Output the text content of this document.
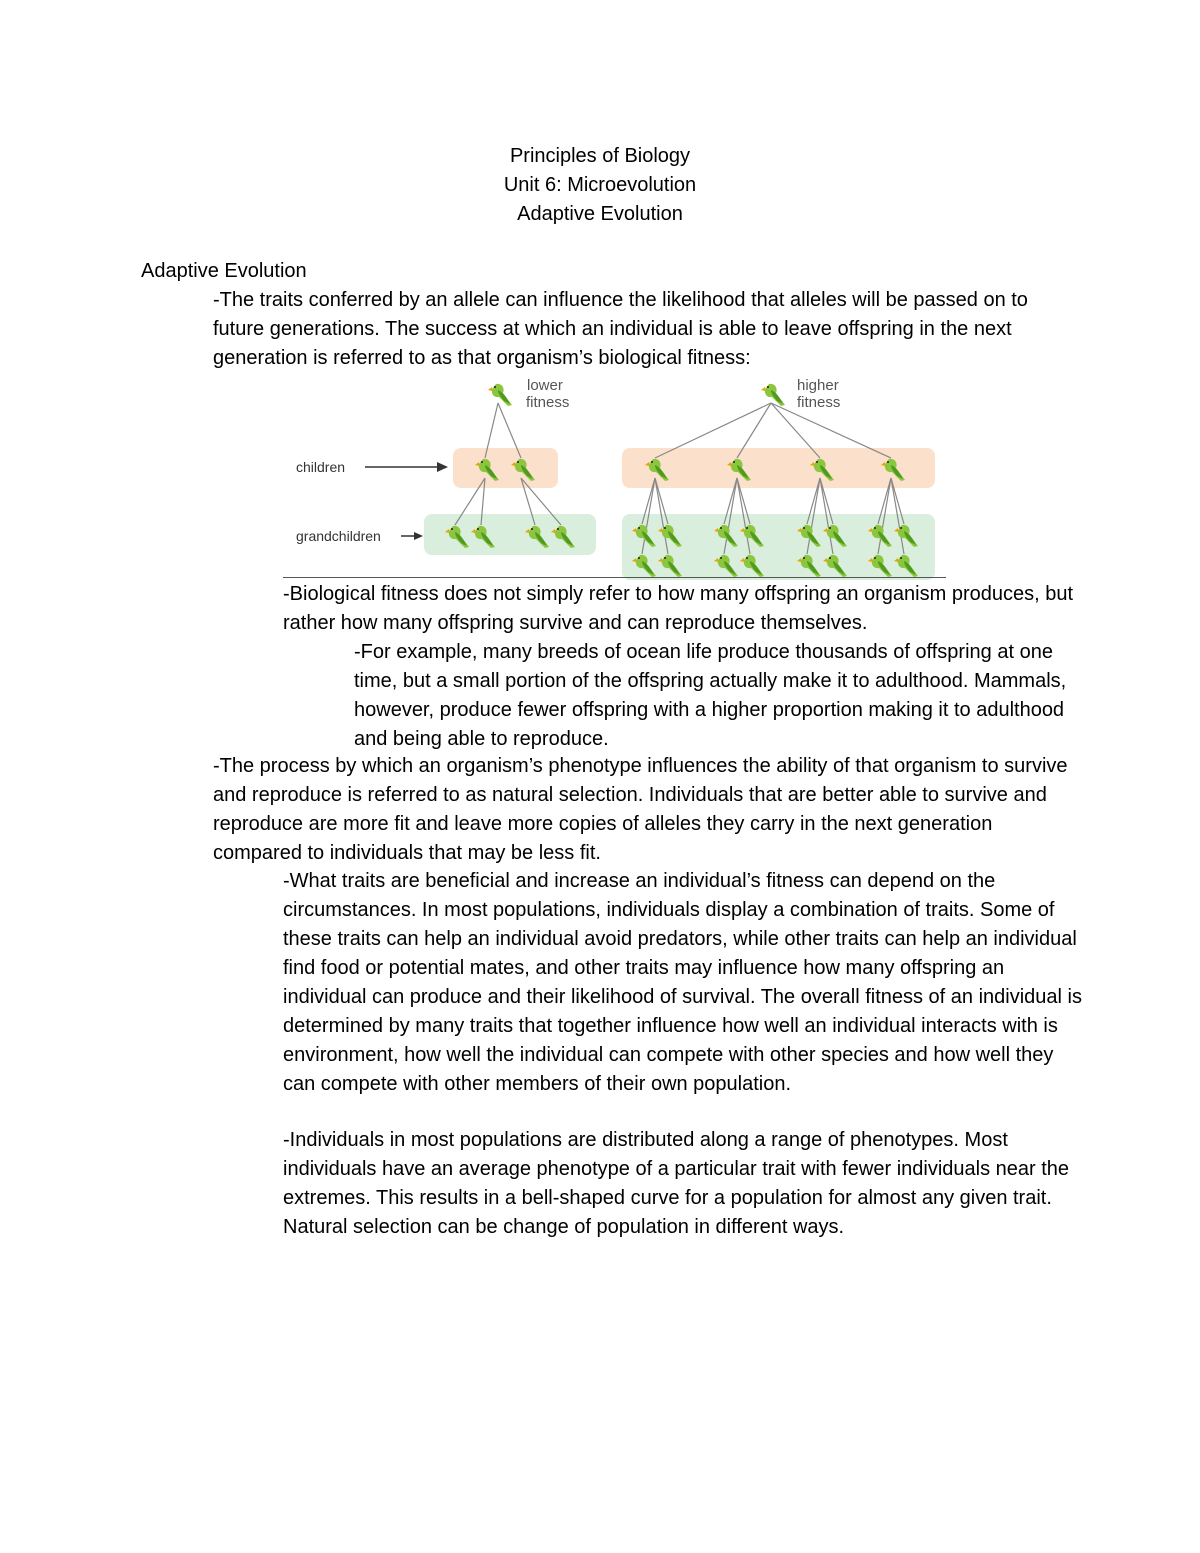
Principles of Biology
Unit 6: Microevolution
Adaptive Evolution
Adaptive Evolution

-The traits conferred by an allele can influence the likelihood that alleles will be passed on to future generations. The success at which an individual is able to leave offspring in the next generation is referred to as that organism’s biological fitness:

children
grandchildren
lower
fitness
higher
fitness

-Biological fitness does not simply refer to how many offspring an organism produces, but rather how many offspring survive and can reproduce themselves.

-For example, many breeds of ocean life produce thousands of offspring at one time, but a small portion of the offspring actually make it to adulthood. Mammals, however, produce fewer offspring with a higher proportion making it to adulthood and being able to reproduce.

-The process by which an organism’s phenotype influences the ability of that organism to survive and reproduce is referred to as natural selection. Individuals that are better able to survive and reproduce are more fit and leave more copies of alleles they carry in the next generation compared to individuals that may be less fit.

-What traits are beneficial and increase an individual’s fitness can depend on the circumstances. In most populations, individuals display a combination of traits. Some of these traits can help an individual avoid predators, while other traits can help an individual find food or potential mates, and other traits may influence how many offspring an individual can produce and their likelihood of survival. The overall fitness of an individual is determined by many traits that together influence how well an individual interacts with is environment, how well the individual can compete with other species and how well they can compete with other members of their own population.

-Individuals in most populations are distributed along a range of phenotypes. Most individuals have an average phenotype of a particular trait with fewer individuals near the extremes. This results in a bell-shaped curve for a population for almost any given trait. Natural selection can be change of population in different ways.
